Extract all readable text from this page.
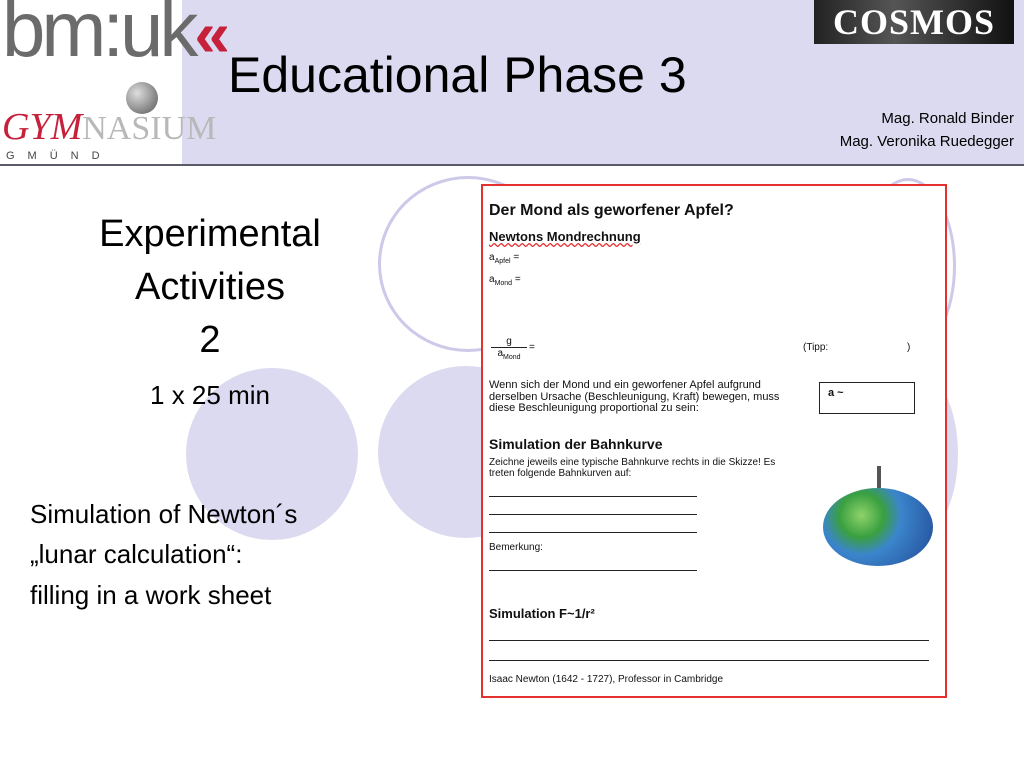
bm:uk«
GYMNASIUM
GMÜND
Educational Phase 3
COSMOS
Mag. Ronald Binder
Mag. Veronika Ruedegger
Experimental
Activities
2
1 x 25 min
Simulation of Newton´s
„lunar calculation“:
filling in a work sheet
Der Mond als geworfener Apfel?
Newtons Mondrechnung
$a_{Apfel}$ =
$a_{Mond}$ =
g
$a_{Mond}$
=	(Tipp:	)
Wenn sich der Mond und ein geworfener Apfel aufgrund derselben Ursache (Beschleunigung, Kraft) bewegen, muss diese Beschleunigung proportional zu sein:
a ~
Simulation der Bahnkurve
Zeichne jeweils eine typische Bahnkurve rechts in die Skizze! Es treten folgende Bahnkurven auf:
Bemerkung:
Simulation F~1/r²
Isaac Newton (1642 - 1727), Professor in Cambridge
